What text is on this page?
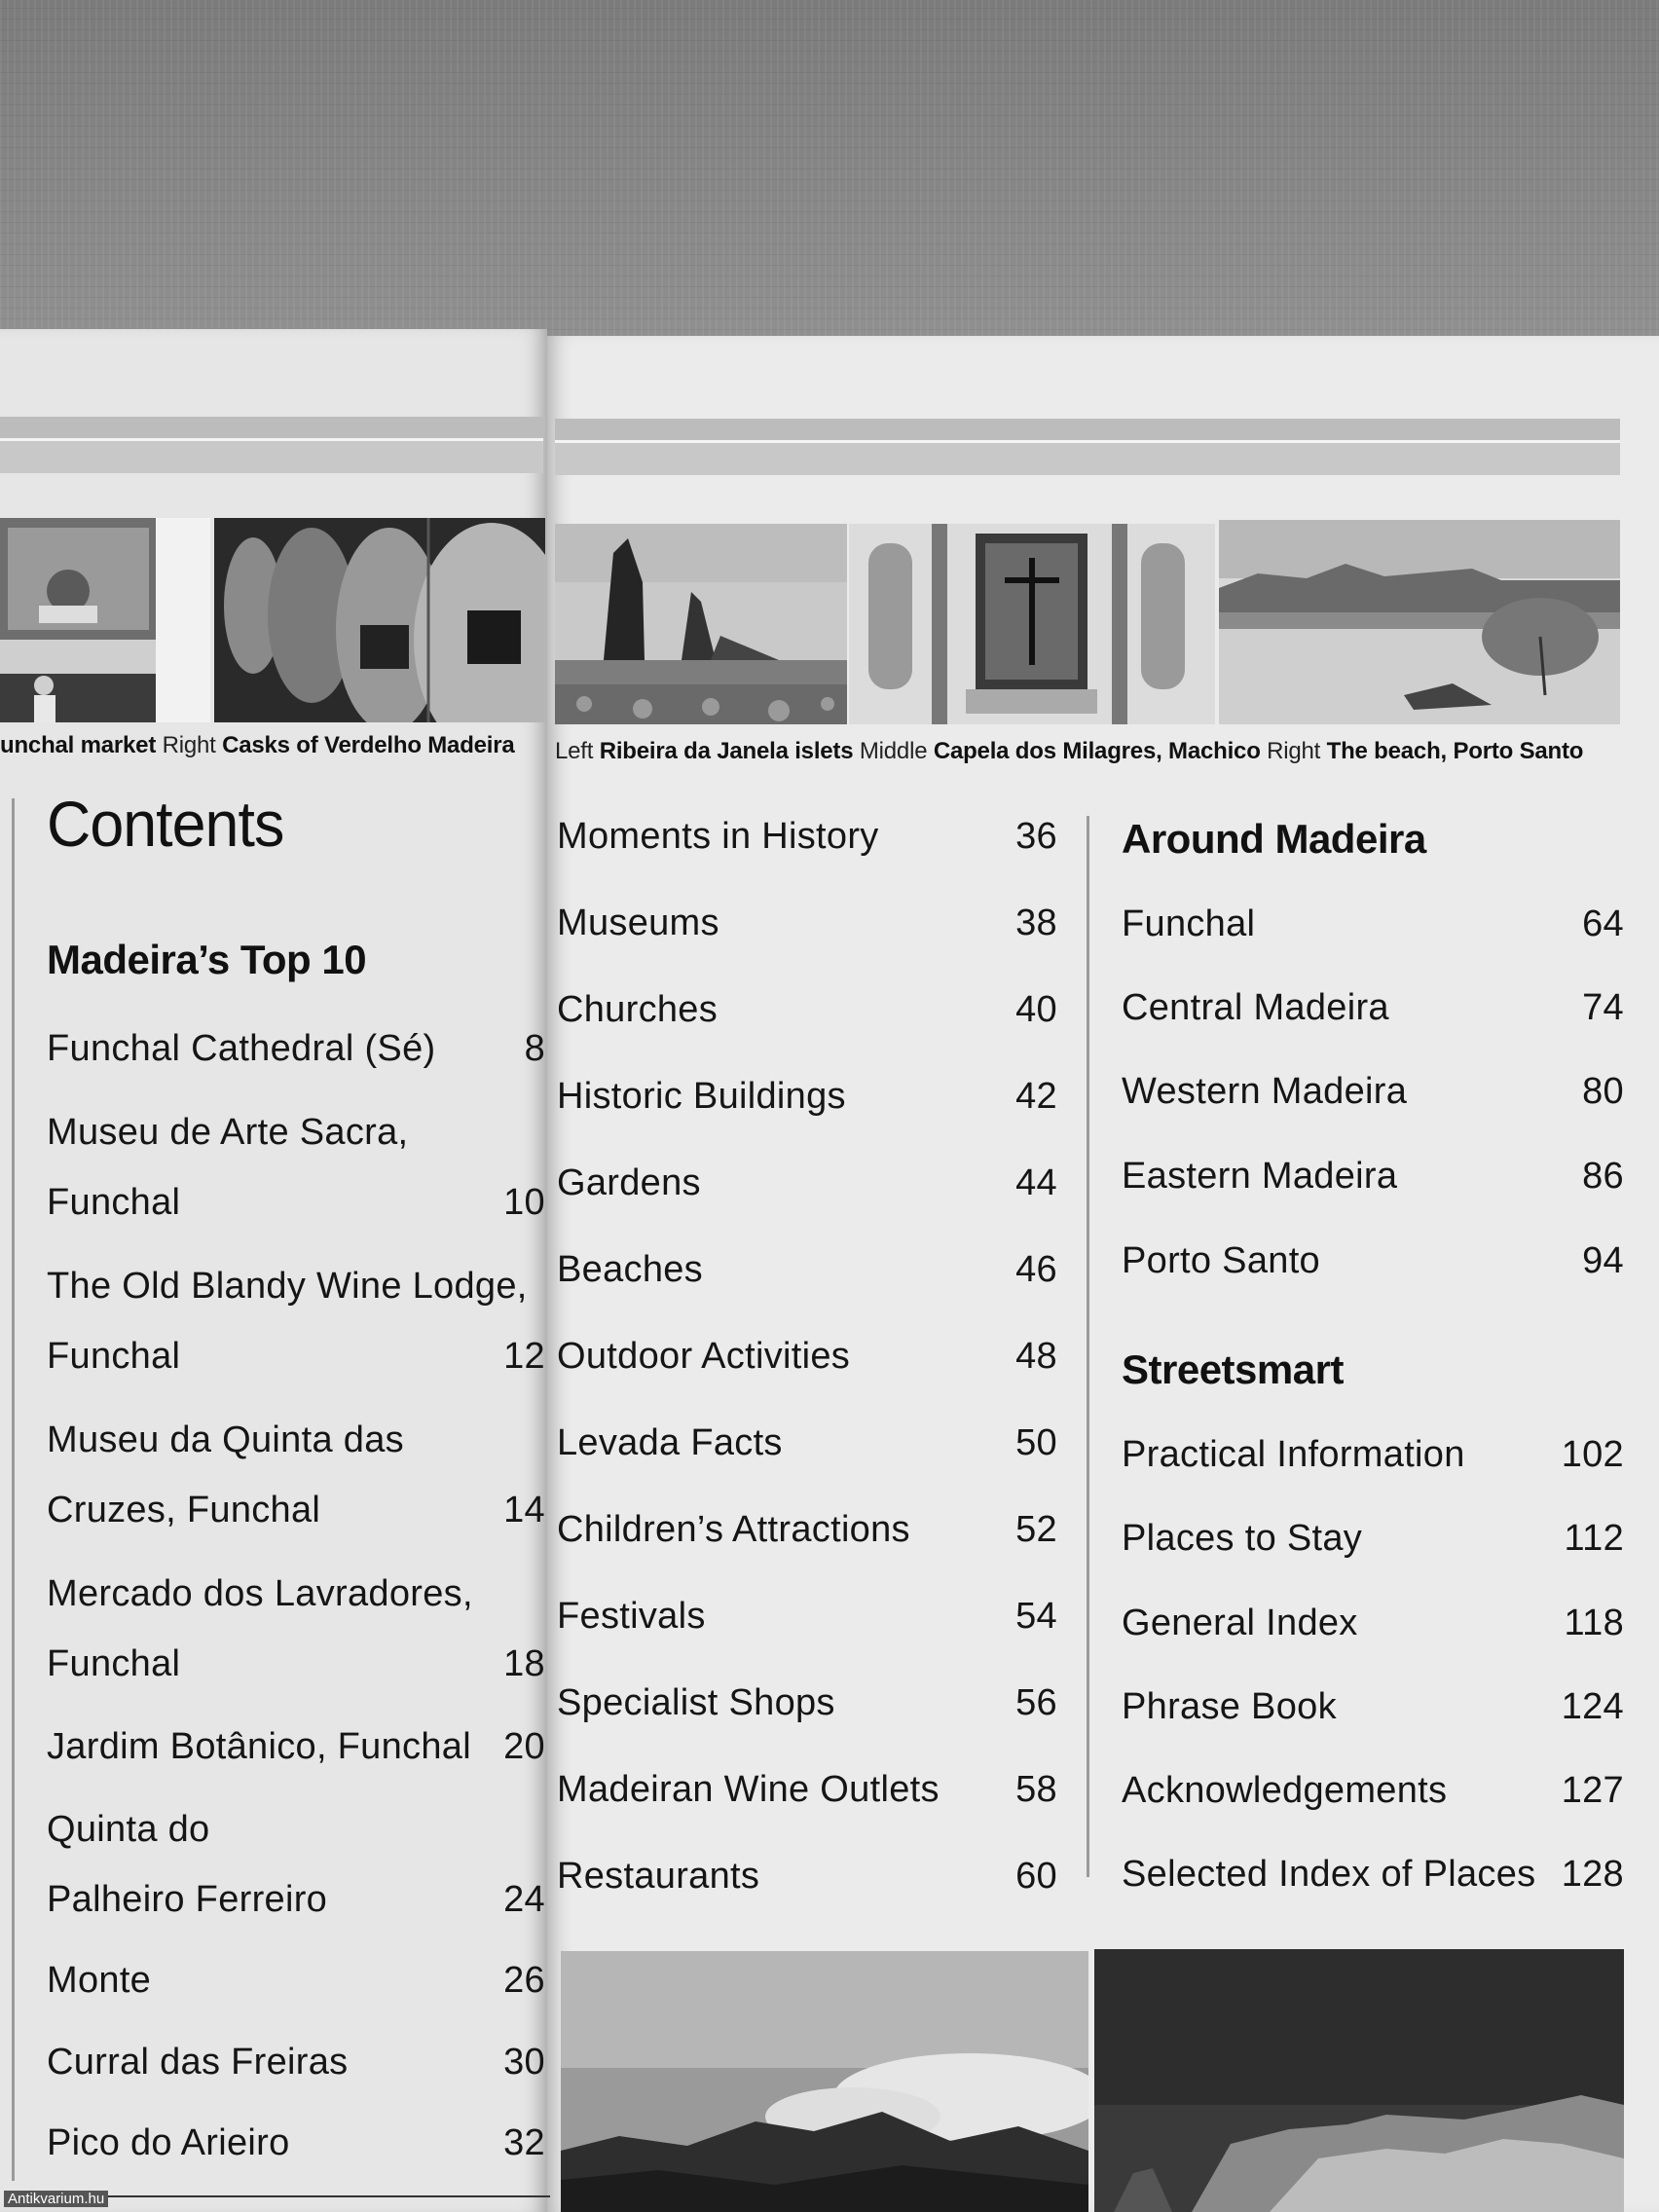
unchal market Right Casks of Verdelho Madeira Left Ribeira da Janela islets Middle Capela dos Milagres, Machico Right The beach, Porto Santo
Contents
Madeira’s Top 10
Around Madeira
Streetsmart
Funchal Cathedral (Sé) 8
Museu de Arte Sacra,
Funchal	10
The Old Blandy Wine Lodge,
Funchal	12
Museu da Quinta das
Cruzes, Funchal	14
Mercado dos Lavradores,
Funchal	18
Jardim Botânico, Funchal 20
Quinta do
Palheiro Ferreiro	24
Monte	26
Curral das Freiras	30
Pico do Arieiro	32
Moments in History	36
Museums	38
Churches	40
Historic Buildings	42
Gardens	44
Beaches	46
Outdoor Activities	48
Levada Facts	50
Children’s Attractions	52
Festivals	54
Specialist Shops	56
Madeiran Wine Outlets 58
Restaurants	60
Funchal	64
Central Madeira	74
Western Madeira	80
Eastern Madeira	86
Porto Santo	94
Practical Information	102
Places to Stay	112
General Index	118
Phrase Book	124
Acknowledgements	127
Selected Index of Places 128
Antikvarium.hu
